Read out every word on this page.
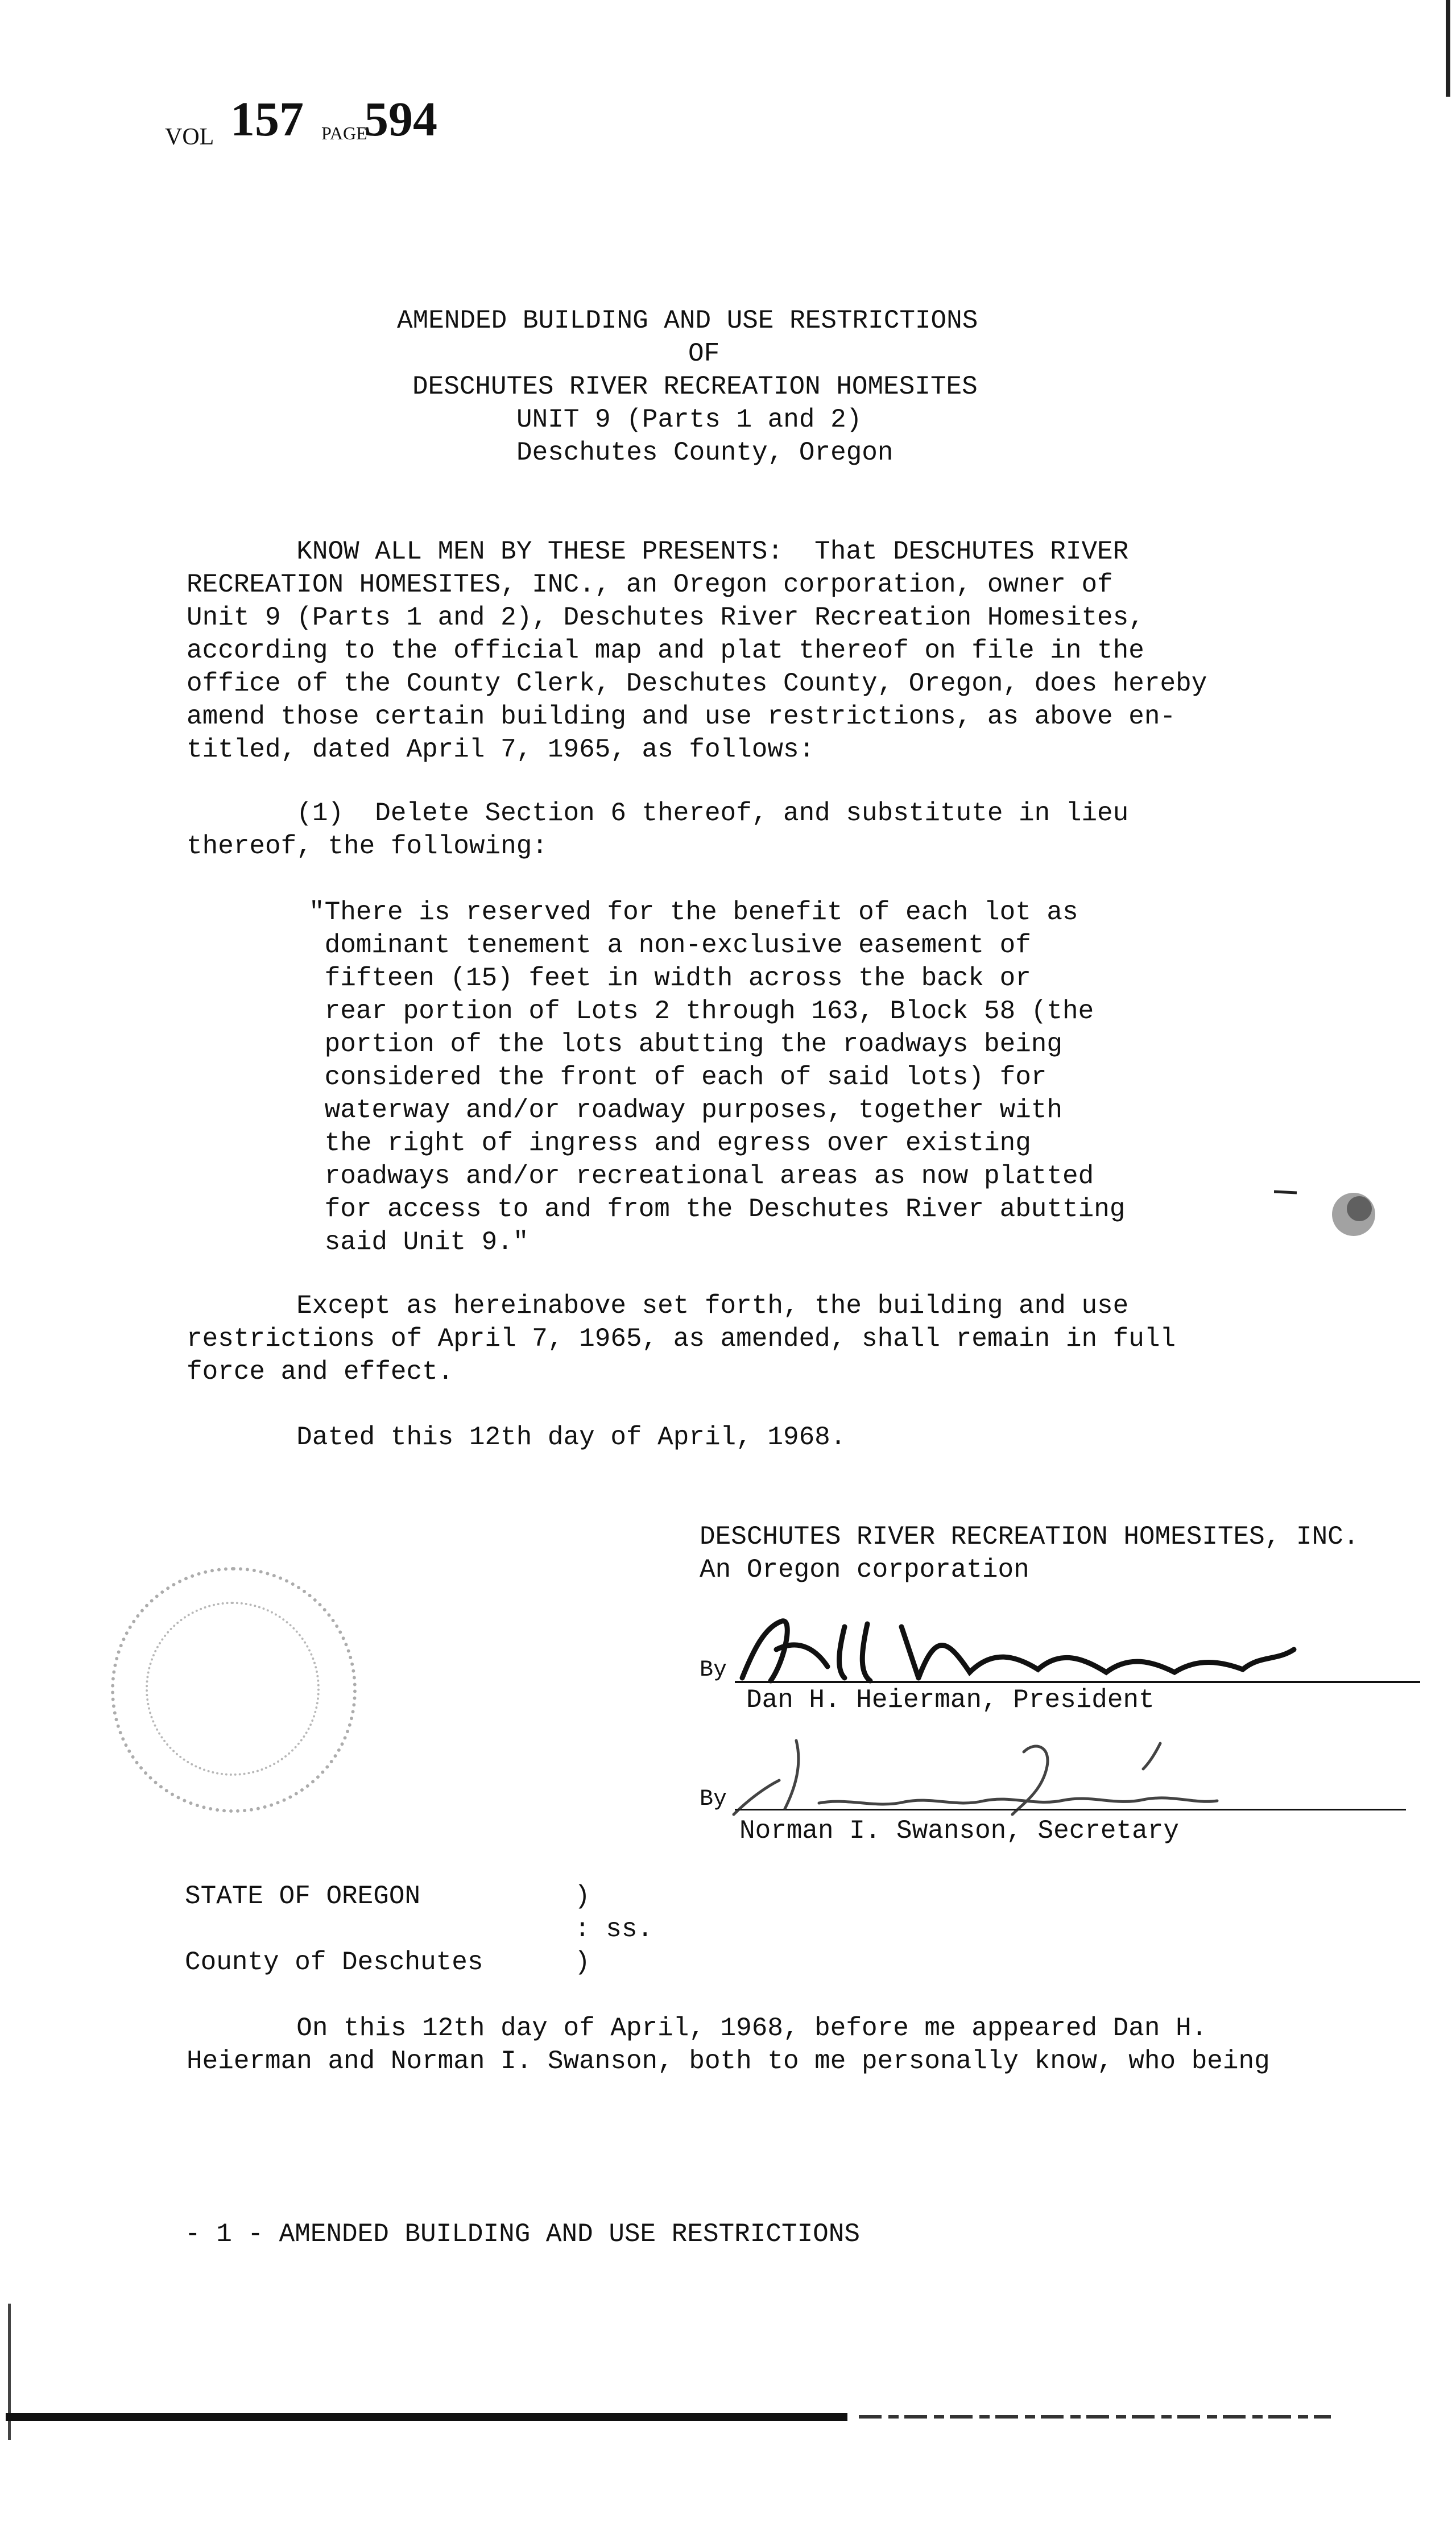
VOL 157 PAGE
594
AMENDED BUILDING AND USE RESTRICTIONS
OF
DESCHUTES RIVER RECREATION HOMESITES
UNIT 9 (Parts 1 and 2)
Deschutes County, Oregon
KNOW ALL MEN BY THESE PRESENTS:  That DESCHUTES RIVER
RECREATION HOMESITES, INC., an Oregon corporation, owner of
Unit 9 (Parts 1 and 2), Deschutes River Recreation Homesites,
according to the official map and plat thereof on file in the
office of the County Clerk, Deschutes County, Oregon, does hereby
amend those certain building and use restrictions, as above en-
titled, dated April 7, 1965, as follows:
(1)  Delete Section 6 thereof, and substitute in lieu
thereof, the following:
"There is reserved for the benefit of each lot as
dominant tenement a non-exclusive easement of
fifteen (15) feet in width across the back or
rear portion of Lots 2 through 163, Block 58 (the
portion of the lots abutting the roadways being
considered the front of each of said lots) for
waterway and/or roadway purposes, together with
the right of ingress and egress over existing
roadways and/or recreational areas as now platted
for access to and from the Deschutes River abutting
said Unit 9."
Except as hereinabove set forth, the building and use
restrictions of April 7, 1965, as amended, shall remain in full
force and effect.
Dated this 12th day of April, 1968.
DESCHUTES RIVER RECREATION HOMESITES, INC.
An Oregon corporation
By
Dan H. Heierman, President
By
Norman I. Swanson, Secretary
STATE OF OREGON	)
: ss.
County of Deschutes	)
On this 12th day of April, 1968, before me appeared Dan H.
Heierman and Norman I. Swanson, both to me personally know, who being
- 1 - AMENDED BUILDING AND USE RESTRICTIONS
